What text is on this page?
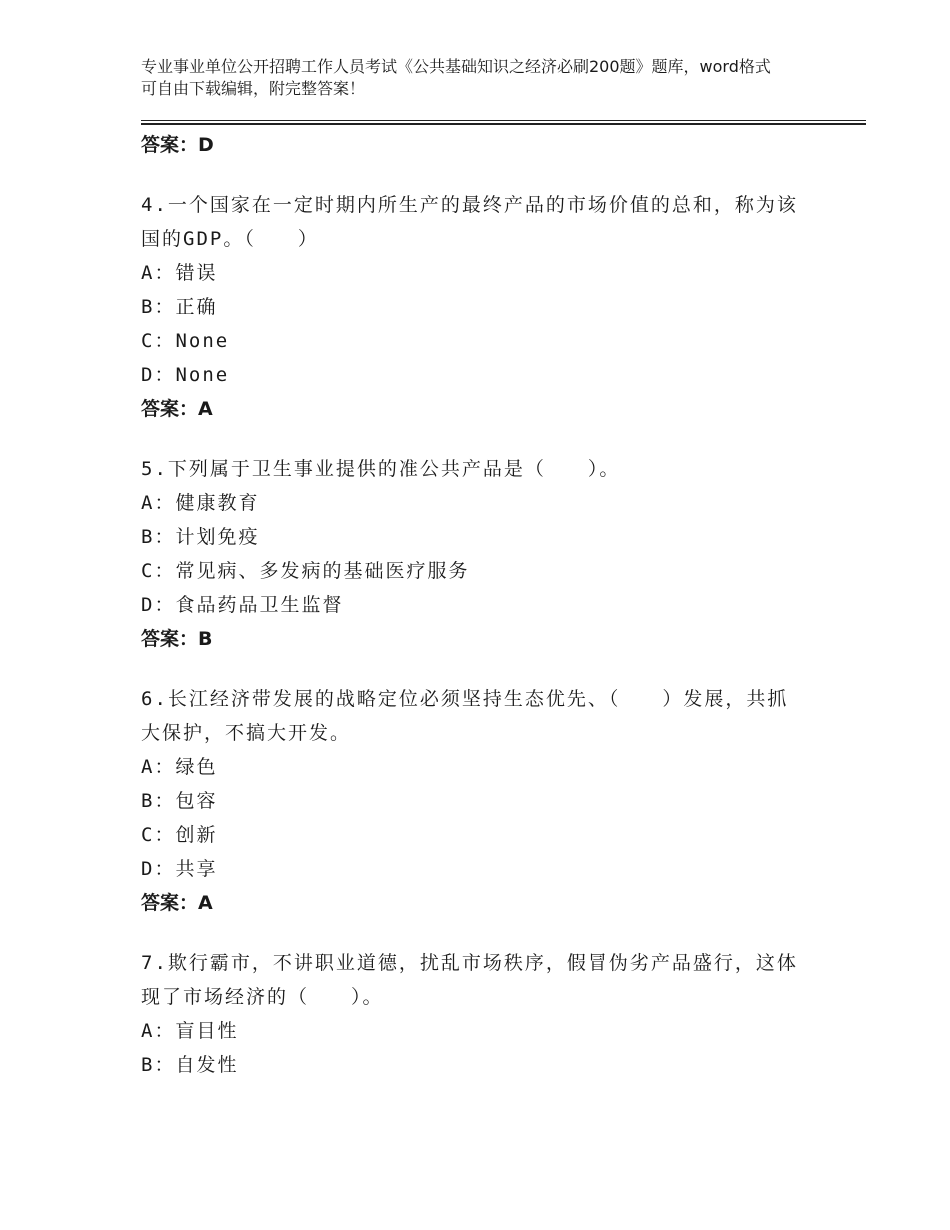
专业事业单位公开招聘工作人员考试《公共基础知识之经济必刷200题》题库，word格式可自由下载编辑，附完整答案！
答案：D
4.一个国家在一定时期内所生产的最终产品的市场价值的总和，称为该国的GDP。（　　）
A：错误
B：正确
C：None
D：None
答案：A
5.下列属于卫生事业提供的准公共产品是（　　）。
A：健康教育
B：计划免疫
C：常见病、多发病的基础医疗服务
D：食品药品卫生监督
答案：B
6.长江经济带发展的战略定位必须坚持生态优先、（　　）发展，共抓大保护，不搞大开发。
A：绿色
B：包容
C：创新
D：共享
答案：A
7.欺行霸市，不讲职业道德，扰乱市场秩序，假冒伪劣产品盛行，这体现了市场经济的（　　）。
A：盲目性
B：自发性
